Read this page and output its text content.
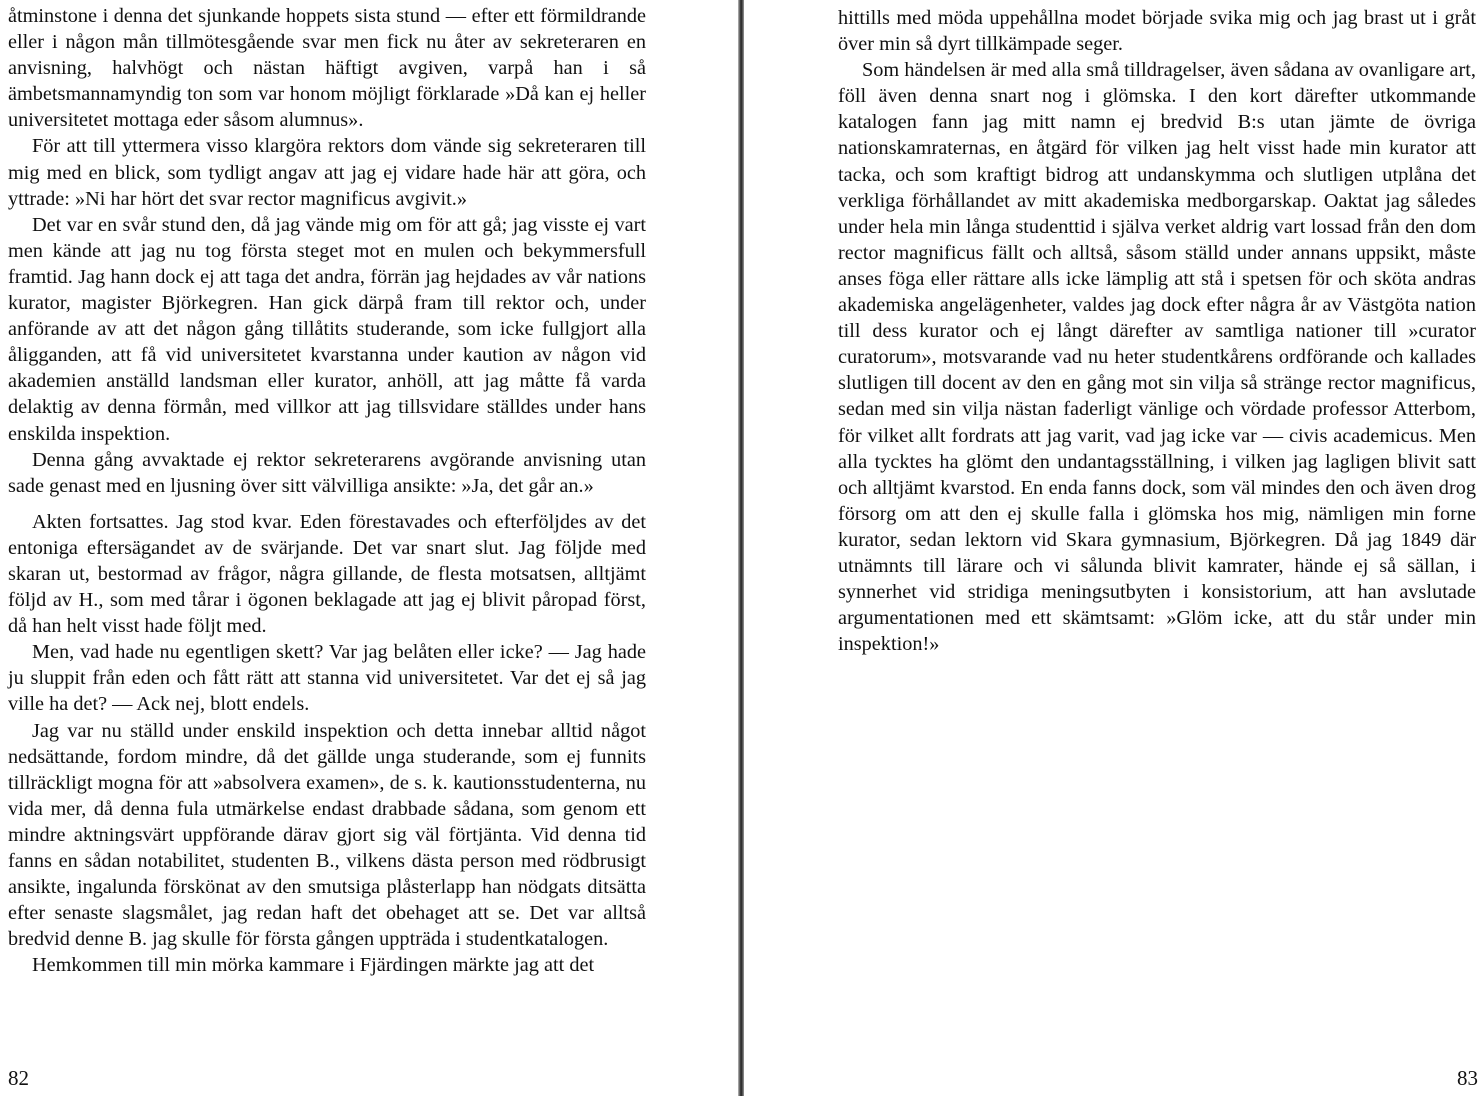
åtminstone i denna det sjunkande hoppets sista stund — efter ett förmildrande eller i någon mån tillmötesgående svar men fick nu åter av sekreteraren en anvisning, halvhögt och nästan häftigt avgiven, varpå han i så ämbetsmannamyndig ton som var honom möjligt förklarade »Då kan ej heller universitetet mottaga eder såsom alumnus».

För att till yttermera visso klargöra rektors dom vände sig sekreteraren till mig med en blick, som tydligt angav att jag ej vidare hade här att göra, och yttrade: »Ni har hört det svar rector magnificus avgivit.»

Det var en svår stund den, då jag vände mig om för att gå; jag visste ej vart men kände att jag nu tog första steget mot en mulen och bekymmersfull framtid. Jag hann dock ej att taga det andra, förrän jag hejdades av vår nations kurator, magister Björkegren. Han gick därpå fram till rektor och, under anförande av att det någon gång tillåtits studerande, som icke fullgjort alla åligganden, att få vid universitetet kvarstanna under kaution av någon vid akademien anställd landsman eller kurator, anhöll, att jag måtte få varda delaktig av denna förmån, med villkor att jag tillsvidare ställdes under hans enskilda inspektion.

Denna gång avvaktade ej rektor sekreterarens avgörande anvisning utan sade genast med en ljusning över sitt välvilliga ansikte: »Ja, det går an.»

Akten fortsattes. Jag stod kvar. Eden förestavades och efterföljdes av det entoniga eftersägandet av de svärjande. Det var snart slut. Jag följde med skaran ut, bestormad av frågor, några gillande, de flesta motsatsen, alltjämt följd av H., som med tårar i ögonen beklagade att jag ej blivit påropad först, då han helt visst hade följt med.

Men, vad hade nu egentligen skett? Var jag belåten eller icke? — Jag hade ju sluppit från eden och fått rätt att stanna vid universitetet. Var det ej så jag ville ha det? — Ack nej, blott endels.

Jag var nu ställd under enskild inspektion och detta innebar alltid något nedsättande, fordom mindre, då det gällde unga studerande, som ej funnits tillräckligt mogna för att »absolvera examen», de s. k. kautionsstudenterna, nu vida mer, då denna fula utmärkelse endast drabbade sådana, som genom ett mindre aktningsvärt uppförande därav gjort sig väl förtjänta. Vid denna tid fanns en sådan notabilitet, studenten B., vilkens dästa person med rödbrusigt ansikte, ingalunda förskönat av den smutsiga plåsterlapp han nödgats ditsätta efter senaste slagsmålet, jag redan haft det obehaget att se. Det var alltså bredvid denne B. jag skulle för första gången uppträda i studentkatalogen.

Hemkommen till min mörka kammare i Fjärdingen märkte jag att det

82

hittills med möda uppehållna modet började svika mig och jag brast ut i gråt över min så dyrt tillkämpade seger.

Som händelsen är med alla små tilldragelser, även sådana av ovanligare art, föll även denna snart nog i glömska. I den kort därefter utkommande katalogen fann jag mitt namn ej bredvid B:s utan jämte de övriga nationskamraternas, en åtgärd för vilken jag helt visst hade min kurator att tacka, och som kraftigt bidrog att undanskymma och slutligen utplåna det verkliga förhållandet av mitt akademiska medborgarskap. Oaktat jag således under hela min långa studenttid i själva verket aldrig vart lossad från den dom rector magnificus fällt och alltså, såsom ställd under annans uppsikt, måste anses föga eller rättare alls icke lämplig att stå i spetsen för och sköta andras akademiska angelägenheter, valdes jag dock efter några år av Västgöta nation till dess kurator och ej långt därefter av samtliga nationer till »curator curatorum», motsvarande vad nu heter studentkårens ordförande och kallades slutligen till docent av den en gång mot sin vilja så stränge rector magnificus, sedan med sin vilja nästan faderligt vänlige och vördade professor Atterbom, för vilket allt fordrats att jag varit, vad jag icke var — civis academicus. Men alla tycktes ha glömt den undantagsställning, i vilken jag lagligen blivit satt och alltjämt kvarstod. En enda fanns dock, som väl mindes den och även drog försorg om att den ej skulle falla i glömska hos mig, nämligen min forne kurator, sedan lektorn vid Skara gymnasium, Björkegren. Då jag 1849 där utnämnts till lärare och vi sålunda blivit kamrater, hände ej så sällan, i synnerhet vid stridiga meningsutbyten i konsistorium, att han avslutade argumentationen med ett skämtsamt: »Glöm icke, att du står under min inspektion!»

83
